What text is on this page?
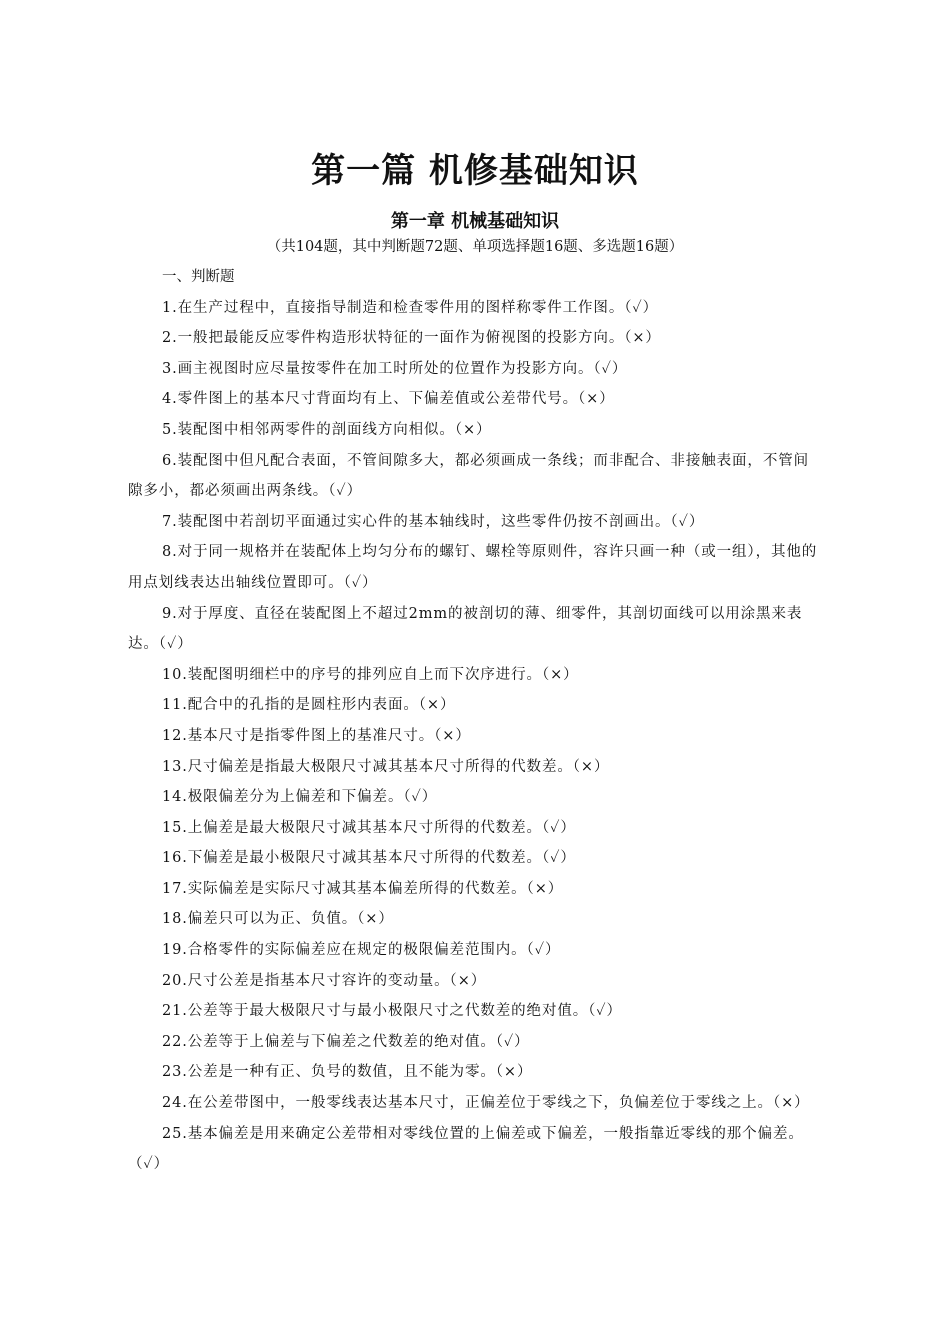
第一篇 机修基础知识
第一章 机械基础知识
（共104题，其中判断题72题、单项选择题16题、多选题16题）

一、判断题

1.在生产过程中，直接指导制造和检查零件用的图样称零件工作图。（✓）

2.一般把最能反应零件构造形状特征的一面作为俯视图的投影方向。（×）

3.画主视图时应尽量按零件在加工时所处的位置作为投影方向。（✓）

4.零件图上的基本尺寸背面均有上、下偏差值或公差带代号。（×）

5.装配图中相邻两零件的剖面线方向相似。（×）

6.装配图中但凡配合表面，不管间隙多大，都必须画成一条线；而非配合、非接触表面，不管间隙多小，都必须画出两条线。（✓）

7.装配图中若剖切平面通过实心件的基本轴线时，这些零件仍按不剖画出。（✓）

8.对于同一规格并在装配体上均匀分布的螺钉、螺栓等原则件，容许只画一种（或一组），其他的用点划线表达出轴线位置即可。（✓）

9.对于厚度、直径在装配图上不超过2mm的被剖切的薄、细零件，其剖切面线可以用涂黑来表达。（✓）

10.装配图明细栏中的序号的排列应自上而下次序进行。（×）

11.配合中的孔指的是圆柱形内表面。（×）

12.基本尺寸是指零件图上的基准尺寸。（×）

13.尺寸偏差是指最大极限尺寸减其基本尺寸所得的代数差。（×）

14.极限偏差分为上偏差和下偏差。（✓）

15.上偏差是最大极限尺寸减其基本尺寸所得的代数差。（✓）

16.下偏差是最小极限尺寸减其基本尺寸所得的代数差。（✓）

17.实际偏差是实际尺寸减其基本偏差所得的代数差。（×）

18.偏差只可以为正、负值。（×）

19.合格零件的实际偏差应在规定的极限偏差范围内。（✓）

20.尺寸公差是指基本尺寸容许的变动量。（×）

21.公差等于最大极限尺寸与最小极限尺寸之代数差的绝对值。（✓）

22.公差等于上偏差与下偏差之代数差的绝对值。（✓）

23.公差是一种有正、负号的数值，且不能为零。（×）

24.在公差带图中，一般零线表达基本尺寸，正偏差位于零线之下，负偏差位于零线之上。（×）

25.基本偏差是用来确定公差带相对零线位置的上偏差或下偏差，一般指靠近零线的那个偏差。（✓）
